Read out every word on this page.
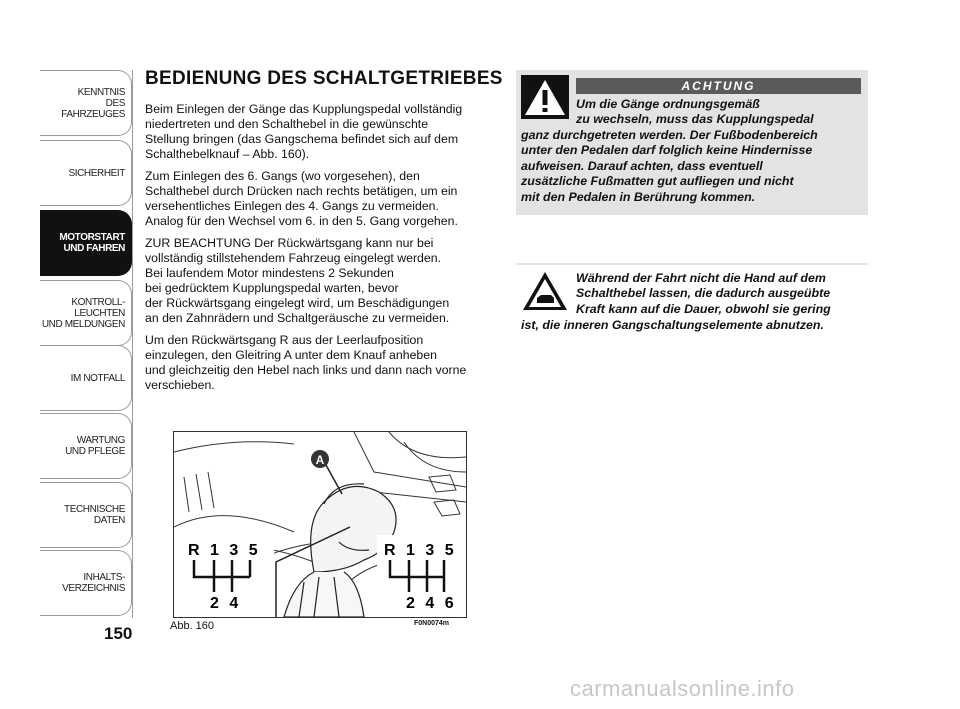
KENNTNIS
DES FAHRZEUGES
SICHERHEIT
MOTORSTART
UND FAHREN
KONTROLL-
LEUCHTEN
UND MELDUNGEN
IM NOTFALL
WARTUNG
UND PFLEGE
TECHNISCHE
DATEN
INHALTS-
VERZEICHNIS
150
BEDIENUNG DES SCHALTGETRIEBES

Beim Einlegen der Gänge das Kupplungspedal vollständig
niedertreten und den Schalthebel in die gewünschte
Stellung bringen (das Gangschema befindet sich auf dem
Schalthebelknauf – Abb. 160).

Zum Einlegen des 6. Gangs (wo vorgesehen), den
Schalthebel durch Drücken nach rechts betätigen, um ein
versehentliches Einlegen des 4. Gangs zu vermeiden.
Analog für den Wechsel vom 6. in den 5. Gang vorgehen.

ZUR BEACHTUNG Der Rückwärtsgang kann nur bei
vollständig stillstehendem Fahrzeug eingelegt werden.
Bei laufendem Motor mindestens 2 Sekunden
bei gedrücktem Kupplungspedal warten, bevor
der Rückwärtsgang eingelegt wird, um Beschädigungen
an den Zahnrädern und Schaltgeräusche zu vermeiden.

Um den Rückwärtsgang R aus der Leerlaufposition
einzulegen, den Gleitring A unter dem Knauf anheben
und gleichzeitig den Hebel nach links und dann nach vorne
verschieben.

A
R 1 3 5
2 4
R 1 3 5
2 4 6
Abb. 160	F0N0074m
ACHTUNG
Um die Gänge ordnungsgemäß
zu wechseln, muss das Kupplungspedal
ganz durchgetreten werden. Der Fußbodenbereich
unter den Pedalen darf folglich keine Hindernisse
aufweisen. Darauf achten, dass eventuell
zusätzliche Fußmatten gut aufliegen und nicht
mit den Pedalen in Berührung kommen.
Während der Fahrt nicht die Hand auf dem
Schalthebel lassen, die dadurch ausgeübte
Kraft kann auf die Dauer, obwohl sie gering
ist, die inneren Gangschaltungselemente abnutzen.
carmanualsonline.info
